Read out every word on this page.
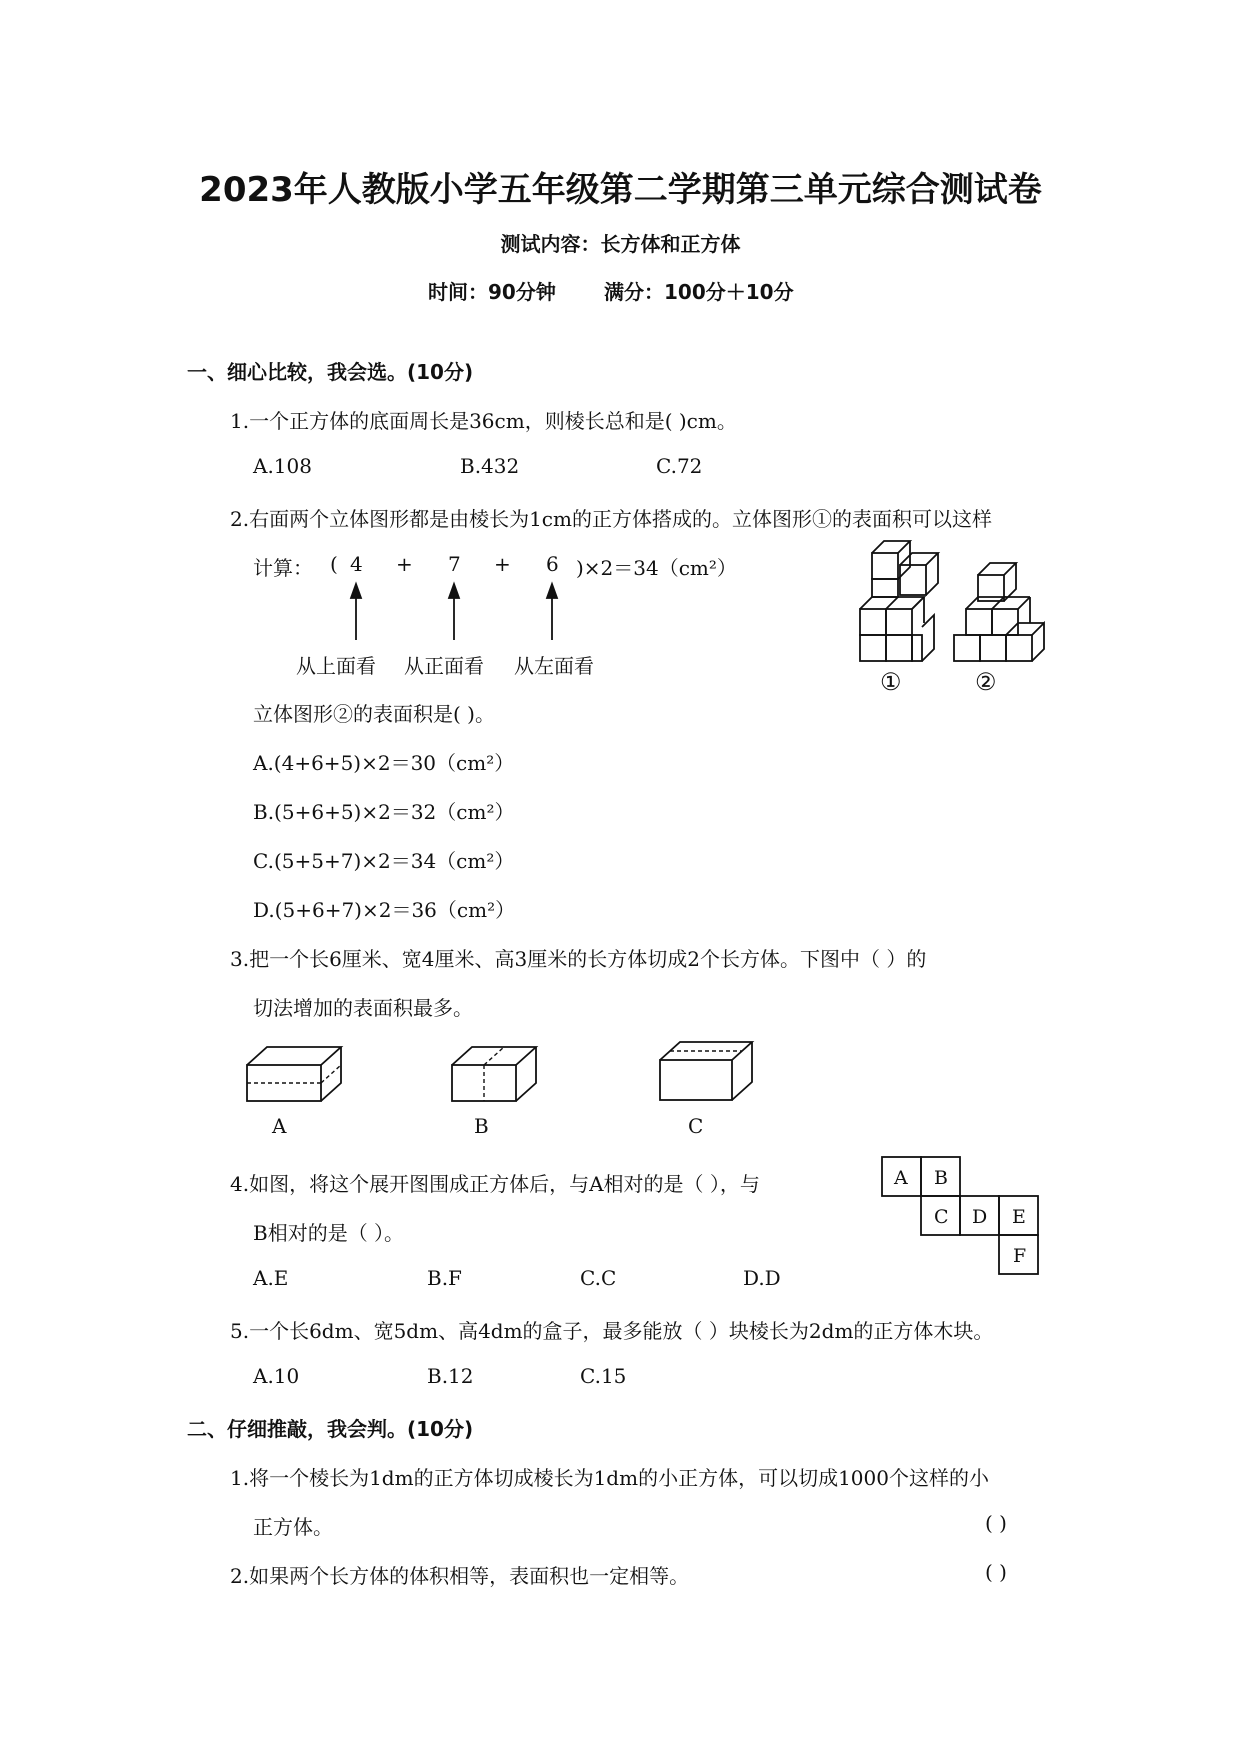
2023年人教版小学五年级第二学期第三单元综合测试卷
测试内容：长方体和正方体
时间：90分钟 满分：100分＋10分
一、细心比较，我会选。(10分)
1.一个正方体的底面周长是36cm，则棱长总和是( )cm。
A.108	B.432	C.72
2.右面两个立体图形都是由棱长为1cm的正方体搭成的。立体图形①的表面积可以这样
计算： ( 4 + 7 + 6 )×2＝34（cm²）
从上面看 从正面看 从左面看
①	②
立体图形②的表面积是( )。
A.(4+6+5)×2＝30（cm²）
B.(5+6+5)×2＝32（cm²）
C.(5+5+7)×2＝34（cm²）
D.(5+6+7)×2＝36（cm²）
3.把一个长6厘米、宽4厘米、高3厘米的长方体切成2个长方体。下图中（ ）的
切法增加的表面积最多。
A	B	C
4.如图，将这个展开图围成正方体后，与A相对的是（ ），与
B相对的是（ ）。
A B
C D E
F
A.E	B.F	C.C	D.D
5.一个长6dm、宽5dm、高4dm的盒子，最多能放（ ）块棱长为2dm的正方体木块。
A.10	B.12	C.15
二、仔细推敲，我会判。(10分)
1.将一个棱长为1dm的正方体切成棱长为1dm的小正方体，可以切成1000个这样的小
正方体。	( )
2.如果两个长方体的体积相等，表面积也一定相等。	( )
